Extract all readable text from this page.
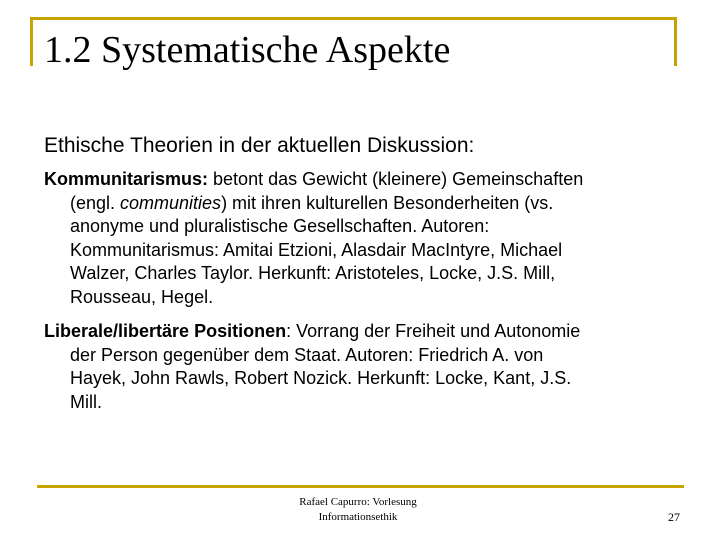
1.2 Systematische Aspekte
Ethische Theorien in der aktuellen Diskussion:
Kommunitarismus: betont das Gewicht (kleinere) Gemeinschaften
(engl. communities) mit ihren kulturellen Besonderheiten (vs.
anonyme und pluralistische Gesellschaften. Autoren:
Kommunitarismus: Amitai Etzioni, Alasdair MacIntyre, Michael
Walzer, Charles Taylor. Herkunft: Aristoteles, Locke, J.S. Mill,
Rousseau, Hegel.
Liberale/libertäre Positionen: Vorrang der Freiheit und Autonomie
der Person gegenüber dem Staat. Autoren: Friedrich A. von
Hayek, John Rawls, Robert Nozick. Herkunft: Locke, Kant, J.S.
Mill.
Rafael Capurro: Vorlesung
Informationsethik	27
